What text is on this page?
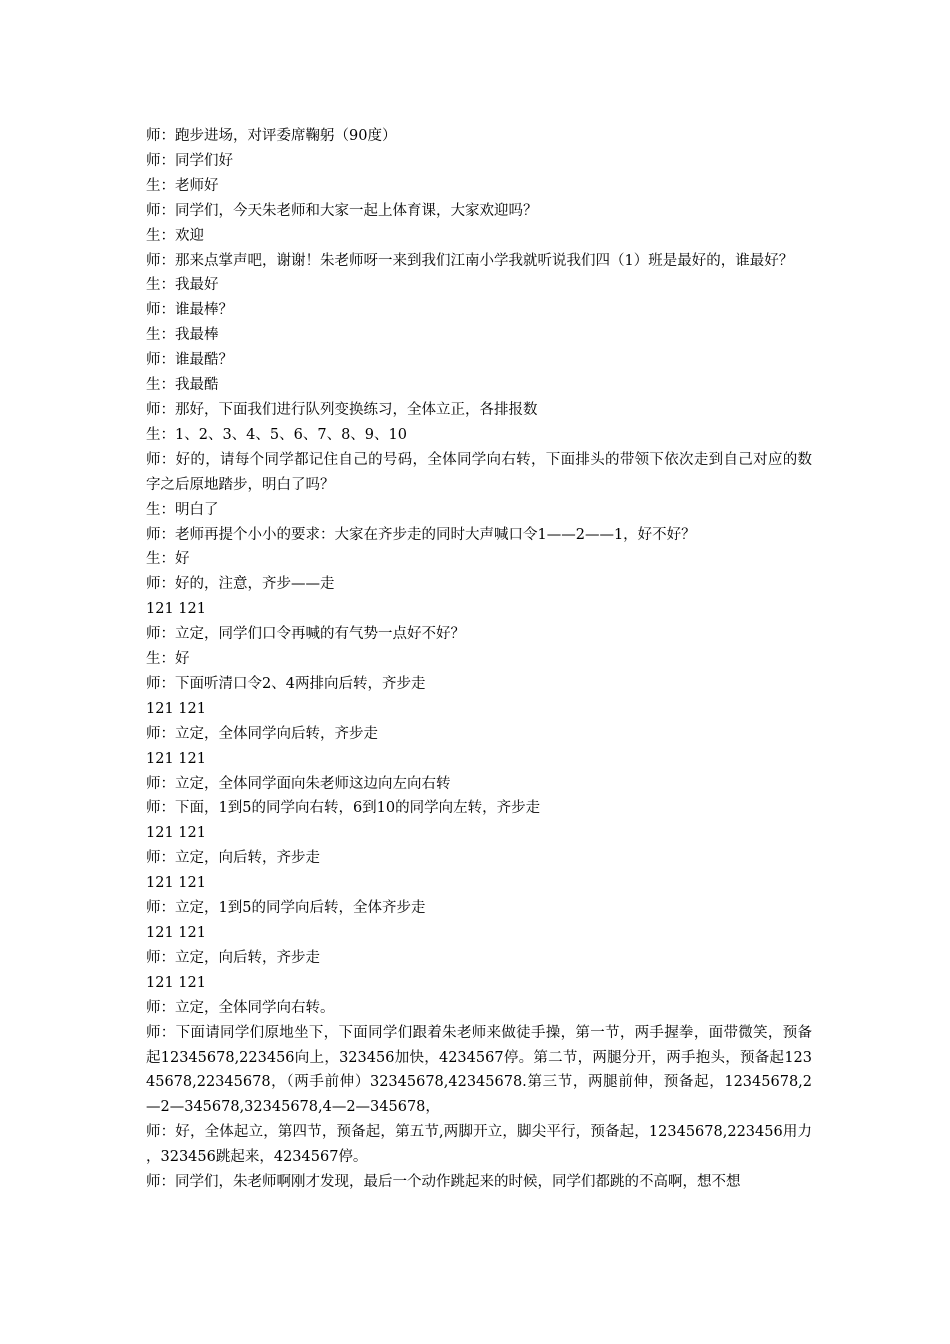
师：跑步进场，对评委席鞠躬（90度）
师：同学们好
生：老师好
师：同学们，今天朱老师和大家一起上体育课，大家欢迎吗？
生：欢迎
师：那来点掌声吧，谢谢！朱老师呀一来到我们江南小学我就听说我们四（1）班是最好的，谁最好？
生：我最好
师：谁最棒？
生：我最棒
师：谁最酷？
生：我最酷
师：那好，下面我们进行队列变换练习，全体立正，各排报数
生：1、2、3、4、5、6、7、8、9、10
师：好的，请每个同学都记住自己的号码，全体同学向右转，下面排头的带领下依次走到自己对应的数字之后原地踏步，明白了吗？
生：明白了
师：老师再提个小小的要求：大家在齐步走的同时大声喊口令1——2——1，好不好？
生：好
师：好的，注意，齐步——走
121 121
师：立定，同学们口令再喊的有气势一点好不好？
生：好
师：下面听清口令2、4两排向后转，齐步走
121 121
师：立定，全体同学向后转，齐步走
121 121
师：立定，全体同学面向朱老师这边向左向右转
师：下面，1到5的同学向右转，6到10的同学向左转，齐步走
121 121
师：立定，向后转，齐步走
121 121
师：立定，1到5的同学向后转，全体齐步走
121 121
师：立定，向后转，齐步走
121 121
师：立定，全体同学向右转。
师：下面请同学们原地坐下，下面同学们跟着朱老师来做徒手操，第一节，两手握拳，面带微笑，预备起12345678,223456向上，323456加快，4234567停。第二节，两腿分开，两手抱头，预备起12345678,22345678，（两手前伸）32345678,42345678.第三节，两腿前伸，预备起，12345678,2—2—345678,32345678,4—2—345678，
师：好，全体起立，第四节，预备起，第五节,两脚开立，脚尖平行，预备起，12345678,223456用力，323456跳起来，4234567停。
师：同学们，朱老师啊刚才发现，最后一个动作跳起来的时候，同学们都跳的不高啊，想不想
